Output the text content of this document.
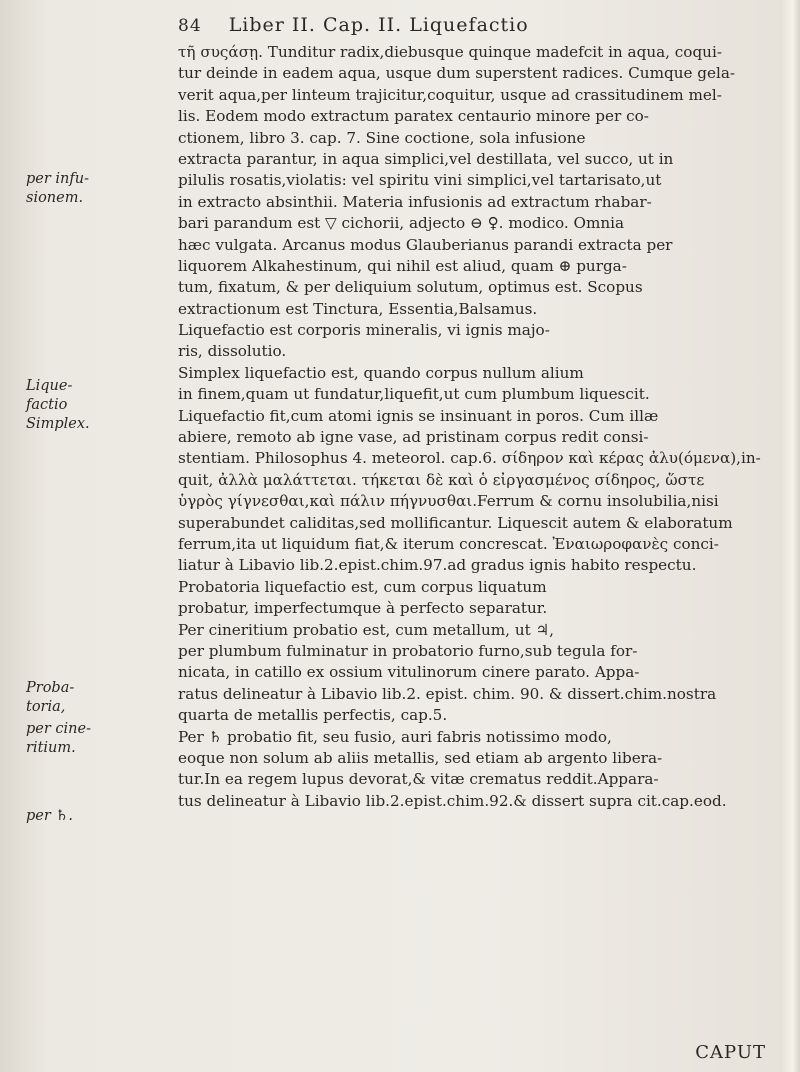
84 Liber II. Cap. II. Liquefactio
per infu-
sionem.
Lique-
factio
Simplex.
Proba-
toria,
per cine-
ritium.
per ♄.
τῆ συςάσῃ. Tunditur radix,diebusque quinque madefcit in aqua, coqui-
tur deinde in eadem aqua, usque dum superstent radices. Cumque gela-
verit aqua,per linteum trajicitur,coquitur, usque ad crassitudinem mel-
lis. Eodem modo extractum paratex centaurio minore per co-
ctionem, libro 3. cap. 7. Sine coctione, sola infusione
extracta parantur, in aqua simplici,vel destillata, vel succo, ut in
pilulis rosatis,violatis: vel spiritu vini simplici,vel tartarisato,ut
in extracto absinthii. Materia infusionis ad extractum rhabar-
bari parandum est ▽ cichorii, adjecto ⊖ ♀. modico. Omnia
hæc vulgata. Arcanus modus Glauberianus parandi extracta per
liquorem Alkahestinum, qui nihil est aliud, quam ⊕ purga-
tum, fixatum, & per deliquium solutum, optimus est. Scopus
extractionum est Tinctura, Essentia,Balsamus.
Liquefactio est corporis mineralis, vi ignis majo-
ris, dissolutio.
Simplex liquefactio est, quando corpus nullum alium
in finem,quam ut fundatur,liquefit,ut cum plumbum liquescit.
Liquefactio fit,cum atomi ignis se insinuant in poros. Cum illæ
abiere, remoto ab igne vase, ad pristinam corpus redit consi-
stentiam. Philosophus 4. meteorol. cap.6. σίδηρον καὶ κέρας ἀλυ(όμενα),in-
quit, ἀλλὰ μαλάττεται. τήκεται δὲ καὶ ὁ εἰργασμένος σίδηρος, ὥστε
ὑγρὸς γίγνεσθαι,καὶ πάλιν πήγνυσθαι.Ferrum & cornu insolubilia,nisi
superabundet caliditas,sed mollificantur. Liquescit autem & elaboratum
ferrum,ita ut liquidum fiat,& iterum concrescat. Ἐναιωροφανὲς conci-
liatur à Libavio lib.2.epist.chim.97.ad gradus ignis habito respectu.
Probatoria liquefactio est, cum corpus liquatum
probatur, imperfectumque à perfecto separatur.
Per cineritium probatio est, cum metallum, ut ♃,
per plumbum fulminatur in probatorio furno,sub tegula for-
nicata, in catillo ex ossium vitulinorum cinere parato. Appa-
ratus delineatur à Libavio lib.2. epist. chim. 90. & dissert.chim.nostra
quarta de metallis perfectis, cap.5.
Per ♄ probatio fit, seu fusio, auri fabris notissimo modo,
eoque non solum ab aliis metallis, sed etiam ab argento libera-
tur.In ea regem lupus devorat,& vitæ crematus reddit.Appara-
tus delineatur à Libavio lib.2.epist.chim.92.& dissert supra cit.cap.eod.
CAPUT
